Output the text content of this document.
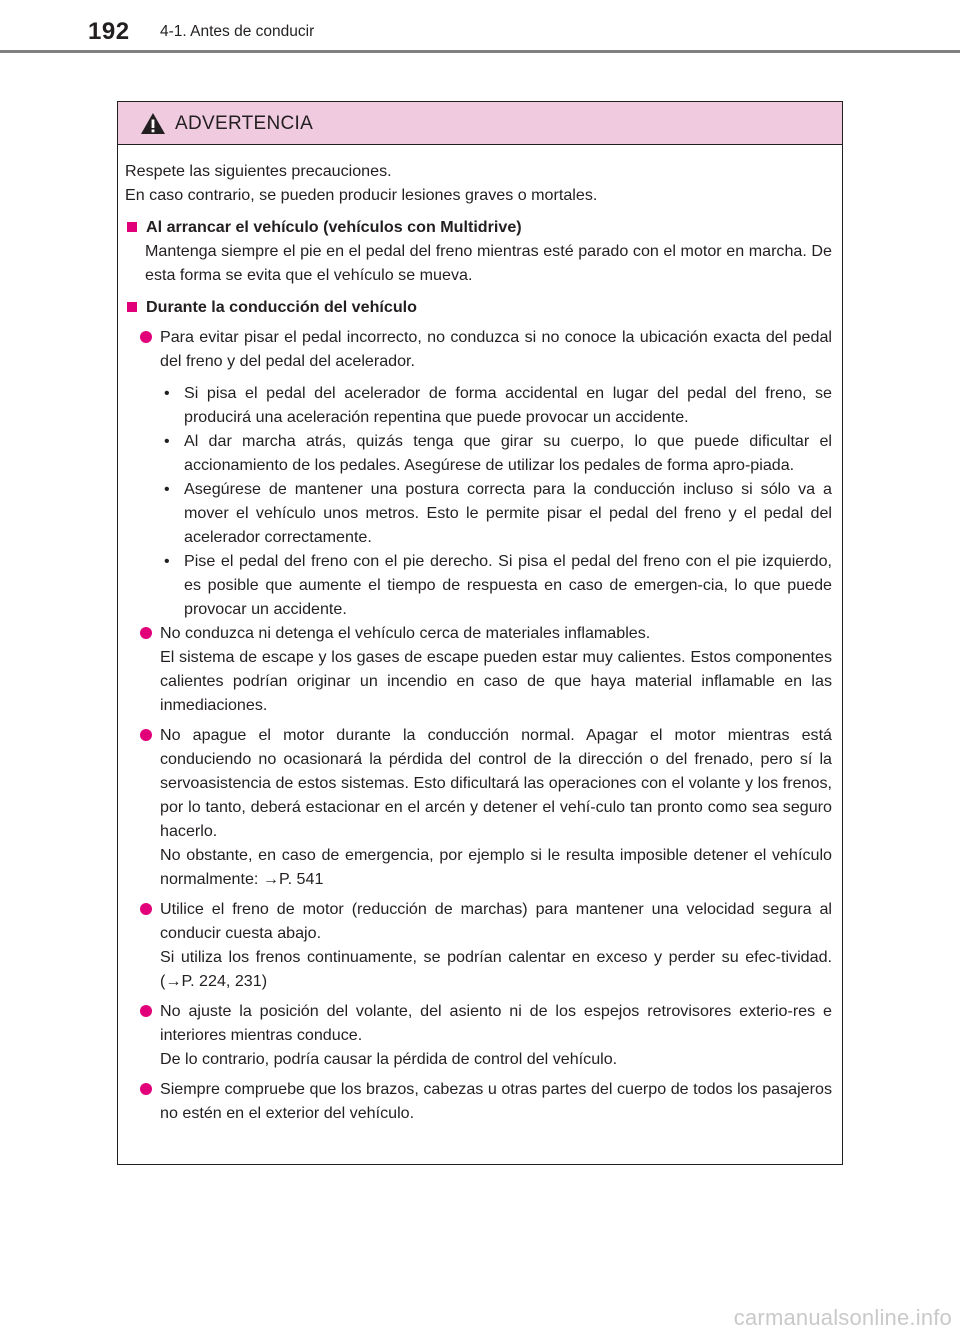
192 4-1. Antes de conducir
ADVERTENCIA

Respete las siguientes precauciones.

En caso contrario, se pueden producir lesiones graves o mortales.

Al arrancar el vehículo (vehículos con Multidrive)

Mantenga siempre el pie en el pedal del freno mientras esté parado con el motor en marcha. De esta forma se evita que el vehículo se mueva.

Durante la conducción del vehículo

Para evitar pisar el pedal incorrecto, no conduzca si no conoce la ubicación exacta del pedal del freno y del pedal del acelerador.

• Si pisa el pedal del acelerador de forma accidental en lugar del pedal del freno, se producirá una aceleración repentina que puede provocar un accidente.
• Al dar marcha atrás, quizás tenga que girar su cuerpo, lo que puede dificultar el accionamiento de los pedales. Asegúrese de utilizar los pedales de forma apro-piada.
• Asegúrese de mantener una postura correcta para la conducción incluso si sólo va a mover el vehículo unos metros. Esto le permite pisar el pedal del freno y el pedal del acelerador correctamente.
• Pise el pedal del freno con el pie derecho. Si pisa el pedal del freno con el pie izquierdo, es posible que aumente el tiempo de respuesta en caso de emergen-cia, lo que puede provocar un accidente.

No conduzca ni detenga el vehículo cerca de materiales inflamables.

El sistema de escape y los gases de escape pueden estar muy calientes. Estos componentes calientes podrían originar un incendio en caso de que haya material inflamable en las inmediaciones.

No apague el motor durante la conducción normal. Apagar el motor mientras está conduciendo no ocasionará la pérdida del control de la dirección o del frenado, pero sí la servoasistencia de estos sistemas. Esto dificultará las operaciones con el volante y los frenos, por lo tanto, deberá estacionar en el arcén y detener el vehí-culo tan pronto como sea seguro hacerlo.

No obstante, en caso de emergencia, por ejemplo si le resulta imposible detener el vehículo normalmente: →P. 541

Utilice el freno de motor (reducción de marchas) para mantener una velocidad segura al conducir cuesta abajo.

Si utiliza los frenos continuamente, se podrían calentar en exceso y perder su efec-tividad. (→P. 224, 231)

No ajuste la posición del volante, del asiento ni de los espejos retrovisores exterio-res e interiores mientras conduce.

De lo contrario, podría causar la pérdida de control del vehículo.

Siempre compruebe que los brazos, cabezas u otras partes del cuerpo de todos los pasajeros no estén en el exterior del vehículo.

carmanualsonline.info
